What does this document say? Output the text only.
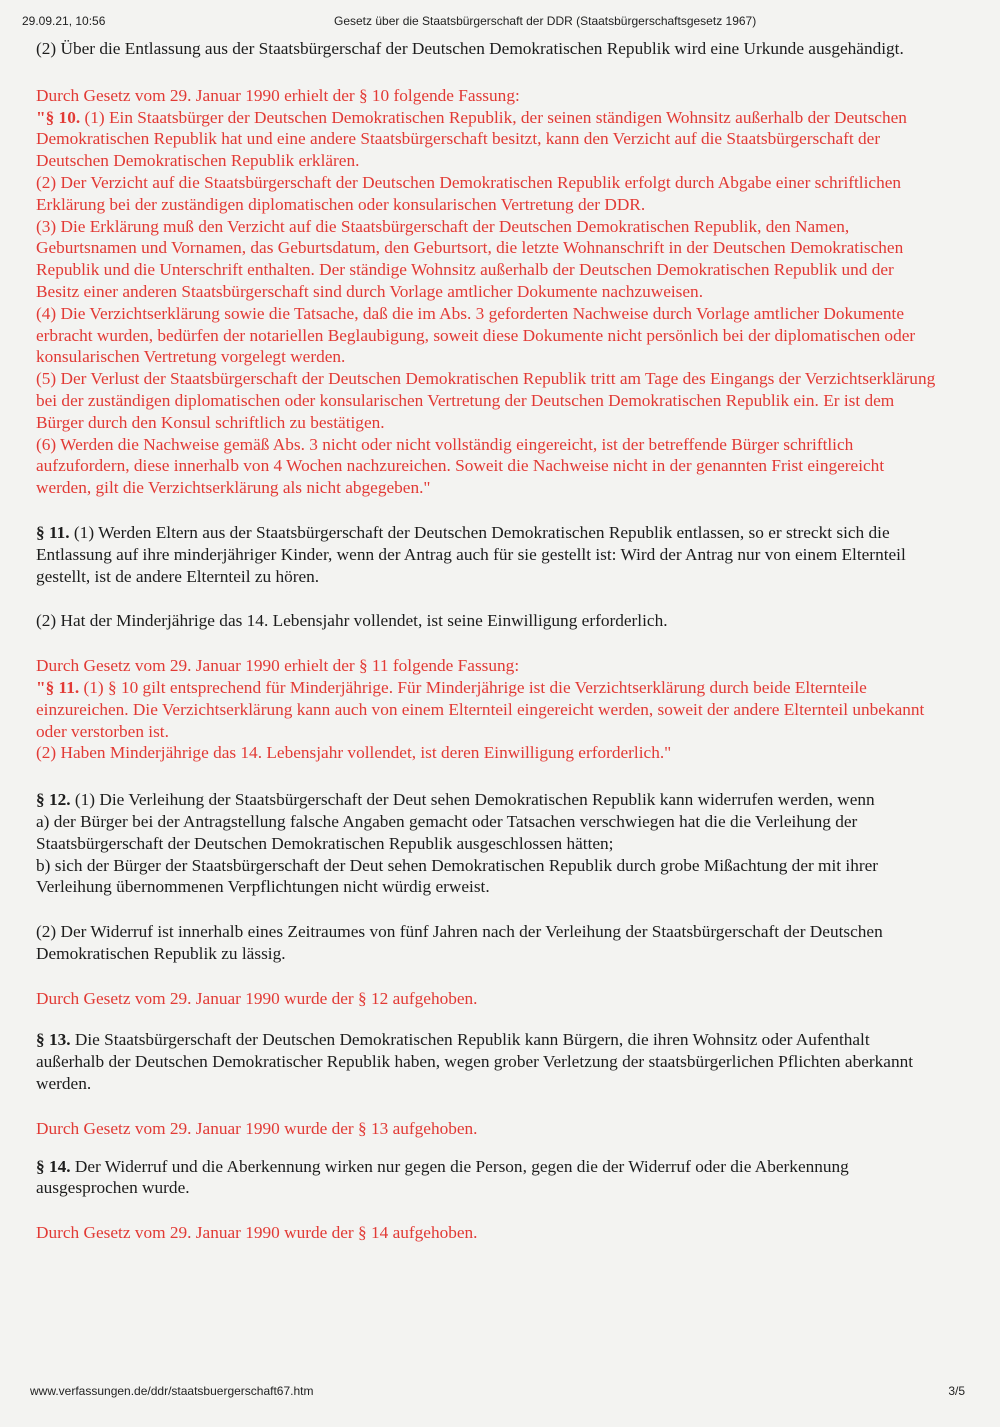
29.09.21, 10:56	Gesetz über die Staatsbürgerschaft der DDR (Staatsbürgerschaftsgesetz 1967)

(2) Über die Entlassung aus der Staatsbürgerschaf der Deutschen Demokratischen Republik wird eine Urkunde ausgehändigt.

Durch Gesetz vom 29. Januar 1990 erhielt der § 10 folgende Fassung:

"§ 10. (1) Ein Staatsbürger der Deutschen Demokratischen Republik, der seinen ständigen Wohnsitz außerhalb der Deutschen Demokratischen Republik hat und eine andere Staatsbürgerschaft besitzt, kann den Verzicht auf die Staatsbürgerschaft der Deutschen Demokratischen Republik erklären.

(2) Der Verzicht auf die Staatsbürgerschaft der Deutschen Demokratischen Republik erfolgt durch Abgabe einer schriftlichen Erklärung bei der zuständigen diplomatischen oder konsularischen Vertretung der DDR.

(3) Die Erklärung muß den Verzicht auf die Staatsbürgerschaft der Deutschen Demokratischen Republik, den Namen, Geburtsnamen und Vornamen, das Geburtsdatum, den Geburtsort, die letzte Wohnanschrift in der Deutschen Demokratischen Republik und die Unterschrift enthalten. Der ständige Wohnsitz außerhalb der Deutschen Demokratischen Republik und der Besitz einer anderen Staatsbürgerschaft sind durch Vorlage amtlicher Dokumente nachzuweisen.

(4) Die Verzichtserklärung sowie die Tatsache, daß die im Abs. 3 geforderten Nachweise durch Vorlage amtlicher Dokumente erbracht wurden, bedürfen der notariellen Beglaubigung, soweit diese Dokumente nicht persönlich bei der diplomatischen oder konsularischen Vertretung vorgelegt werden.

(5) Der Verlust der Staatsbürgerschaft der Deutschen Demokratischen Republik tritt am Tage des Eingangs der Verzichtserklärung bei der zuständigen diplomatischen oder konsularischen Vertretung der Deutschen Demokratischen Republik ein. Er ist dem Bürger durch den Konsul schriftlich zu bestätigen.

(6) Werden die Nachweise gemäß Abs. 3 nicht oder nicht vollständig eingereicht, ist der betreffende Bürger schriftlich aufzufordern, diese innerhalb von 4 Wochen nachzureichen. Soweit die Nachweise nicht in der genannten Frist eingereicht werden, gilt die Verzichtserklärung als nicht abgegeben."

§ 11. (1) Werden Eltern aus der Staatsbürgerschaft der Deutschen Demokratischen Republik entlassen, so er streckt sich die Entlassung auf ihre minderjähriger Kinder, wenn der Antrag auch für sie gestellt ist: Wird der Antrag nur von einem Elternteil gestellt, ist de andere Elternteil zu hören.

(2) Hat der Minderjährige das 14. Lebensjahr vollendet, ist seine Einwilligung erforderlich.

Durch Gesetz vom 29. Januar 1990 erhielt der § 11 folgende Fassung:

"§ 11. (1) § 10 gilt entsprechend für Minderjährige. Für Minderjährige ist die Verzichtserklärung durch beide Elternteile einzureichen. Die Verzichtserklärung kann auch von einem Elternteil eingereicht werden, soweit der andere Elternteil unbekannt oder verstorben ist.

(2) Haben Minderjährige das 14. Lebensjahr vollendet, ist deren Einwilligung erforderlich."

§ 12. (1) Die Verleihung der Staatsbürgerschaft der Deut sehen Demokratischen Republik kann widerrufen werden, wenn

a) der Bürger bei der Antragstellung falsche Angaben gemacht oder Tatsachen verschwiegen hat die die Verleihung der Staatsbürgerschaft der Deutschen Demokratischen Republik ausgeschlossen hätten;

b) sich der Bürger der Staatsbürgerschaft der Deut sehen Demokratischen Republik durch grobe Mißachtung der mit ihrer Verleihung übernommenen Verpflichtungen nicht würdig erweist.

(2) Der Widerruf ist innerhalb eines Zeitraumes von fünf Jahren nach der Verleihung der Staatsbürgerschaft der Deutschen Demokratischen Republik zu lässig.

Durch Gesetz vom 29. Januar 1990 wurde der § 12 aufgehoben.

§ 13. Die Staatsbürgerschaft der Deutschen Demokratischen Republik kann Bürgern, die ihren Wohnsitz oder Aufenthalt außerhalb der Deutschen Demokratischer Republik haben, wegen grober Verletzung der staatsbürgerlichen Pflichten aberkannt werden.

Durch Gesetz vom 29. Januar 1990 wurde der § 13 aufgehoben.

§ 14. Der Widerruf und die Aberkennung wirken nur gegen die Person, gegen die der Widerruf oder die Aberkennung ausgesprochen wurde.

Durch Gesetz vom 29. Januar 1990 wurde der § 14 aufgehoben.

www.verfassungen.de/ddr/staatsbuergerschaft67.htm	3/5
